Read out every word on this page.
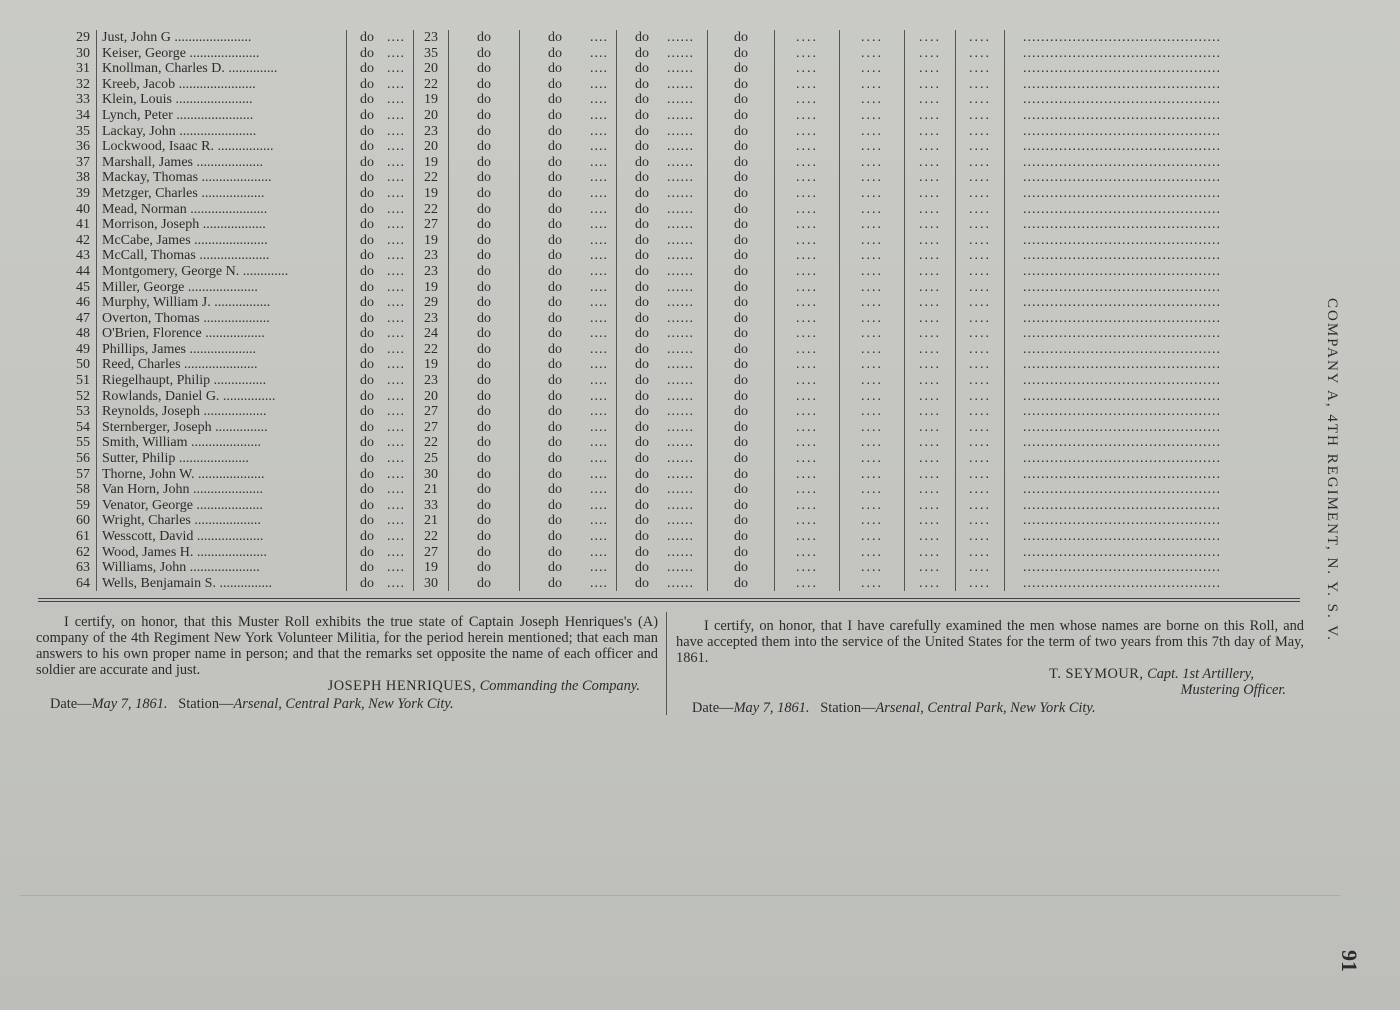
29	Just, John G ......................	do	....	23	do	do	....	do	......	do	....	....	....	....	............................................
30	Keiser, George ....................	do	....	35	do	do	....	do	......	do	....	....	....	....	............................................
31	Knollman, Charles D. ..............	do	....	20	do	do	....	do	......	do	....	....	....	....	............................................
32	Kreeb, Jacob ......................	do	....	22	do	do	....	do	......	do	....	....	....	....	............................................
33	Klein, Louis ......................	do	....	19	do	do	....	do	......	do	....	....	....	....	............................................
34	Lynch, Peter ......................	do	....	20	do	do	....	do	......	do	....	....	....	....	............................................
35	Lackay, John ......................	do	....	23	do	do	....	do	......	do	....	....	....	....	............................................
36	Lockwood, Isaac R. ................	do	....	20	do	do	....	do	......	do	....	....	....	....	............................................
37	Marshall, James ...................	do	....	19	do	do	....	do	......	do	....	....	....	....	............................................
38	Mackay, Thomas ....................	do	....	22	do	do	....	do	......	do	....	....	....	....	............................................
39	Metzger, Charles ..................	do	....	19	do	do	....	do	......	do	....	....	....	....	............................................
40	Mead, Norman ......................	do	....	22	do	do	....	do	......	do	....	....	....	....	............................................
41	Morrison, Joseph ..................	do	....	27	do	do	....	do	......	do	....	....	....	....	............................................
42	McCabe, James .....................	do	....	19	do	do	....	do	......	do	....	....	....	....	............................................
43	McCall, Thomas ....................	do	....	23	do	do	....	do	......	do	....	....	....	....	............................................
44	Montgomery, George N. .............	do	....	23	do	do	....	do	......	do	....	....	....	....	............................................
45	Miller, George ....................	do	....	19	do	do	....	do	......	do	....	....	....	....	............................................
46	Murphy, William J. ................	do	....	29	do	do	....	do	......	do	....	....	....	....	............................................
47	Overton, Thomas ...................	do	....	23	do	do	....	do	......	do	....	....	....	....	............................................
48	O'Brien, Florence .................	do	....	24	do	do	....	do	......	do	....	....	....	....	............................................
49	Phillips, James ...................	do	....	22	do	do	....	do	......	do	....	....	....	....	............................................
50	Reed, Charles .....................	do	....	19	do	do	....	do	......	do	....	....	....	....	............................................
51	Riegelhaupt, Philip ...............	do	....	23	do	do	....	do	......	do	....	....	....	....	............................................
52	Rowlands, Daniel G. ...............	do	....	20	do	do	....	do	......	do	....	....	....	....	............................................
53	Reynolds, Joseph ..................	do	....	27	do	do	....	do	......	do	....	....	....	....	............................................
54	Sternberger, Joseph ...............	do	....	27	do	do	....	do	......	do	....	....	....	....	............................................
55	Smith, William ....................	do	....	22	do	do	....	do	......	do	....	....	....	....	............................................
56	Sutter, Philip ....................	do	....	25	do	do	....	do	......	do	....	....	....	....	............................................
57	Thorne, John W. ...................	do	....	30	do	do	....	do	......	do	....	....	....	....	............................................
58	Van Horn, John ....................	do	....	21	do	do	....	do	......	do	....	....	....	....	............................................
59	Venator, George ...................	do	....	33	do	do	....	do	......	do	....	....	....	....	............................................
60	Wright, Charles ...................	do	....	21	do	do	....	do	......	do	....	....	....	....	............................................
61	Wesscott, David ...................	do	....	22	do	do	....	do	......	do	....	....	....	....	............................................
62	Wood, James H. ....................	do	....	27	do	do	....	do	......	do	....	....	....	....	............................................
63	Williams, John ....................	do	....	19	do	do	....	do	......	do	....	....	....	....	............................................
64	Wells, Benjamain S. ...............	do	....	30	do	do	....	do	......	do	....	....	....	....	............................................
I certify, on honor, that this Muster Roll exhibits the true state of Captain Joseph Henriques's (A) company of the 4th Regiment New York Volunteer Militia, for the period herein mentioned; that each man answers to his own proper name in person; and that the remarks set opposite the name of each officer and soldier are accurate and just.
JOSEPH HENRIQUES, Commanding the Company.
Date—May 7, 1861. Station—Arsenal, Central Park, New York City.
I certify, on honor, that I have carefully examined the men whose names are borne on this Roll, and have accepted them into the service of the United States for the term of two years from this 7th day of May, 1861.
T. SEYMOUR, Capt. 1st Artillery,
Mustering Officer.
Date—May 7, 1861. Station—Arsenal, Central Park, New York City.
COMPANY A, 4TH REGIMENT, N. Y. S. V.
91
